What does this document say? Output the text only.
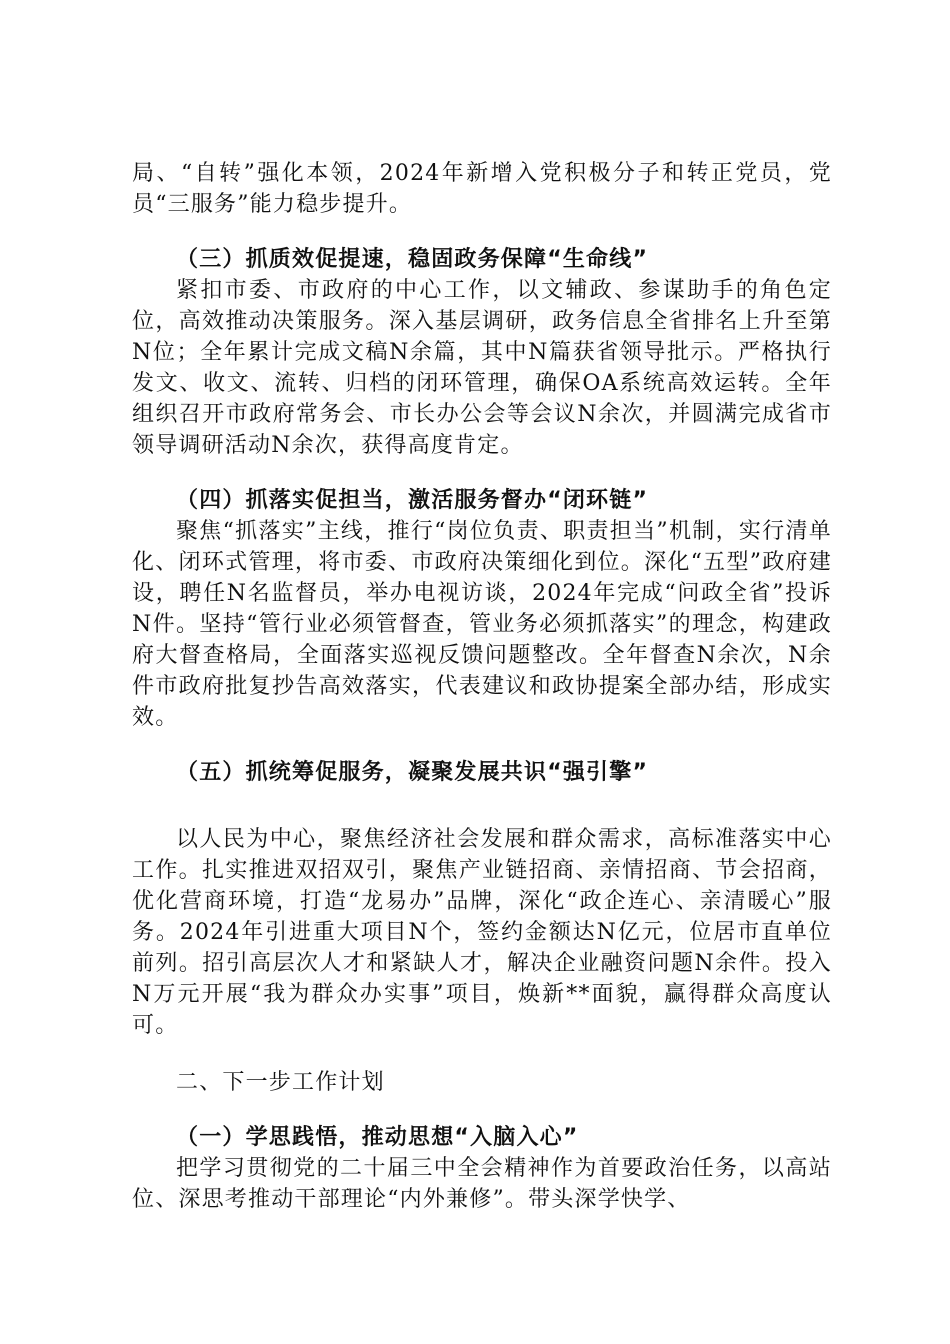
局、“自转”强化本领，2024年新增入党积极分子和转正党员，党员“三服务”能力稳步提升。

（三）抓质效促提速，稳固政务保障“生命线”

紧扣市委、市政府的中心工作，以文辅政、参谋助手的角色定位，高效推动决策服务。深入基层调研，政务信息全省排名上升至第N位；全年累计完成文稿N余篇，其中N篇获省领导批示。严格执行发文、收文、流转、归档的闭环管理，确保OA系统高效运转。全年组织召开市政府常务会、市长办公会等会议N余次，并圆满完成省市领导调研活动N余次，获得高度肯定。

（四）抓落实促担当，激活服务督办“闭环链”

聚焦“抓落实”主线，推行“岗位负责、职责担当”机制，实行清单化、闭环式管理，将市委、市政府决策细化到位。深化“五型”政府建设，聘任N名监督员，举办电视访谈，2024年完成“问政全省”投诉N件。坚持“管行业必须管督查，管业务必须抓落实”的理念，构建政府大督查格局，全面落实巡视反馈问题整改。全年督查N余次，N余件市政府批复抄告高效落实，代表建议和政协提案全部办结，形成实效。

（五）抓统筹促服务，凝聚发展共识“强引擎”

以人民为中心，聚焦经济社会发展和群众需求，高标准落实中心工作。扎实推进双招双引，聚焦产业链招商、亲情招商、节会招商，优化营商环境，打造“龙易办”品牌，深化“政企连心、亲清暖心”服务。2024年引进重大项目N个，签约金额达N亿元，位居市直单位前列。招引高层次人才和紧缺人才，解决企业融资问题N余件。投入N万元开展“我为群众办实事”项目，焕新**面貌，赢得群众高度认可。

二、下一步工作计划

（一）学思践悟，推动思想“入脑入心”

把学习贯彻党的二十届三中全会精神作为首要政治任务，以高站位、深思考推动干部理论“内外兼修”。带头深学快学、
